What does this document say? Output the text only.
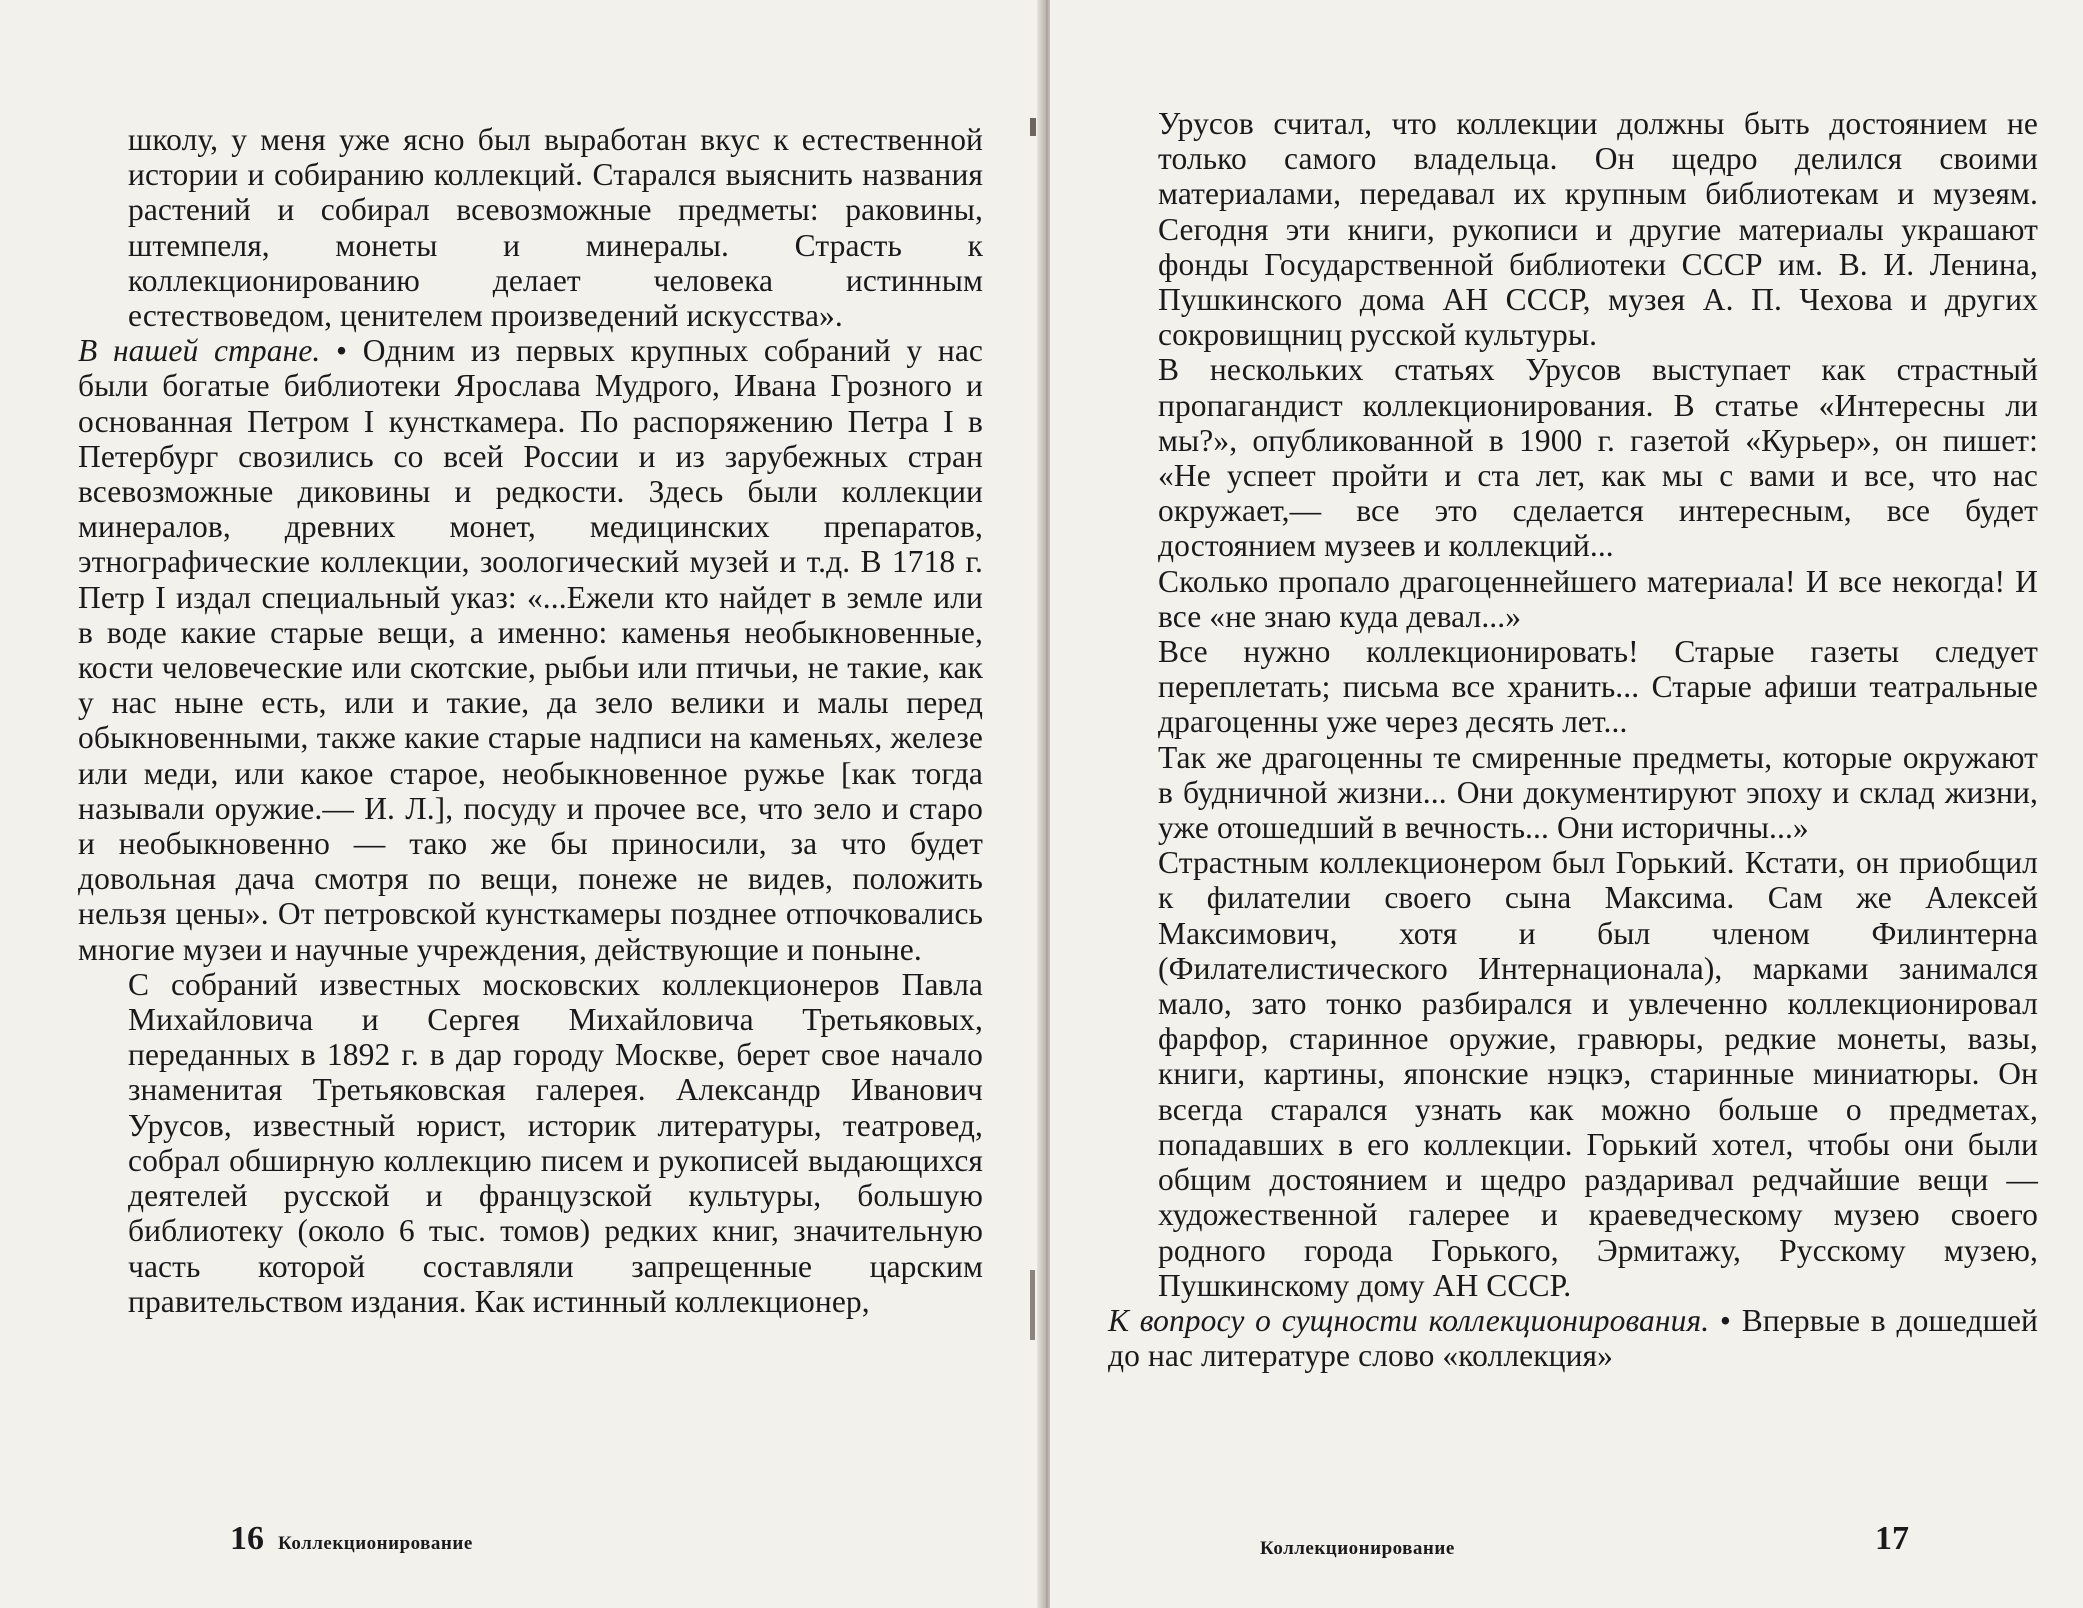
школу, у меня уже ясно был выработан вкус к естественной истории и собиранию коллекций. Старался выяснить названия растений и собирал всевозможные предметы: раковины, штемпеля, монеты и минералы. Страсть к коллекционированию делает человека истинным естествоведом, ценителем произведений искусства».

В нашей стране. • Одним из первых крупных собраний у нас были богатые библиотеки Ярослава Мудрого, Ивана Грозного и основанная Петром I кунсткамера. По распоряжению Петра I в Петербург свозились со всей России и из зарубежных стран всевозможные диковины и редкости. Здесь были коллекции минералов, древних монет, медицинских препаратов, этнографические коллекции, зоологический музей и т.д. В 1718 г. Петр I издал специальный указ: «...Ежели кто найдет в земле или в воде какие старые вещи, а именно: каменья необыкновенные, кости человеческие или скотские, рыбьи или птичьи, не такие, как у нас ныне есть, или и такие, да зело велики и малы перед обыкновенными, также какие старые надписи на каменьях, железе или меди, или какое старое, необыкновенное ружье [как тогда называли оружие.— И. Л.], посуду и прочее все, что зело и старо и необыкновенно — тако же бы приносили, за что будет довольная дача смотря по вещи, понеже не видев, положить нельзя цены». От петровской кунсткамеры позднее отпочковались многие музеи и научные учреждения, действующие и поныне.

С собраний известных московских коллекционеров Павла Михайловича и Сергея Михайловича Третьяковых, переданных в 1892 г. в дар городу Москве, берет свое начало знаменитая Третьяковская галерея. Александр Иванович Урусов, известный юрист, историк литературы, театровед, собрал обширную коллекцию писем и рукописей выдающихся деятелей русской и французской культуры, большую библиотеку (около 6 тыс. томов) редких книг, значительную часть которой составляли запрещенные царским правительством издания. Как истинный коллекционер,

16 Коллекционирование

Урусов считал, что коллекции должны быть достоянием не только самого владельца. Он щедро делился своими материалами, передавал их крупным библиотекам и музеям. Сегодня эти книги, рукописи и другие материалы украшают фонды Государственной библиотеки СССР им. В. И. Ленина, Пушкинского дома АН СССР, музея А. П. Чехова и других сокровищниц русской культуры.

В нескольких статьях Урусов выступает как страстный пропагандист коллекционирования. В статье «Интересны ли мы?», опубликованной в 1900 г. газетой «Курьер», он пишет: «Не успеет пройти и ста лет, как мы с вами и все, что нас окружает,— все это сделается интересным, все будет достоянием музеев и коллекций...

Сколько пропало драгоценнейшего материала! И все некогда! И все «не знаю куда девал...»

Все нужно коллекционировать! Старые газеты следует переплетать; письма все хранить... Старые афиши театральные драгоценны уже через десять лет...

Так же драгоценны те смиренные предметы, которые окружают в будничной жизни... Они документируют эпоху и склад жизни, уже отошедший в вечность... Они историчны...»

Страстным коллекционером был Горький. Кстати, он приобщил к филателии своего сына Максима. Сам же Алексей Максимович, хотя и был членом Филинтерна (Филателистического Интернационала), марками занимался мало, зато тонко разбирался и увлеченно коллекционировал фарфор, старинное оружие, гравюры, редкие монеты, вазы, книги, картины, японские нэцкэ, старинные миниатюры. Он всегда старался узнать как можно больше о предметах, попадавших в его коллекции. Горький хотел, чтобы они были общим достоянием и щедро раздаривал редчайшие вещи — художественной галерее и краеведческому музею своего родного города Горького, Эрмитажу, Русскому музею, Пушкинскому дому АН СССР.

К вопросу о сущности коллекционирования. • Впервые в дошедшей до нас литературе слово «коллекция»

Коллекционирование	17
